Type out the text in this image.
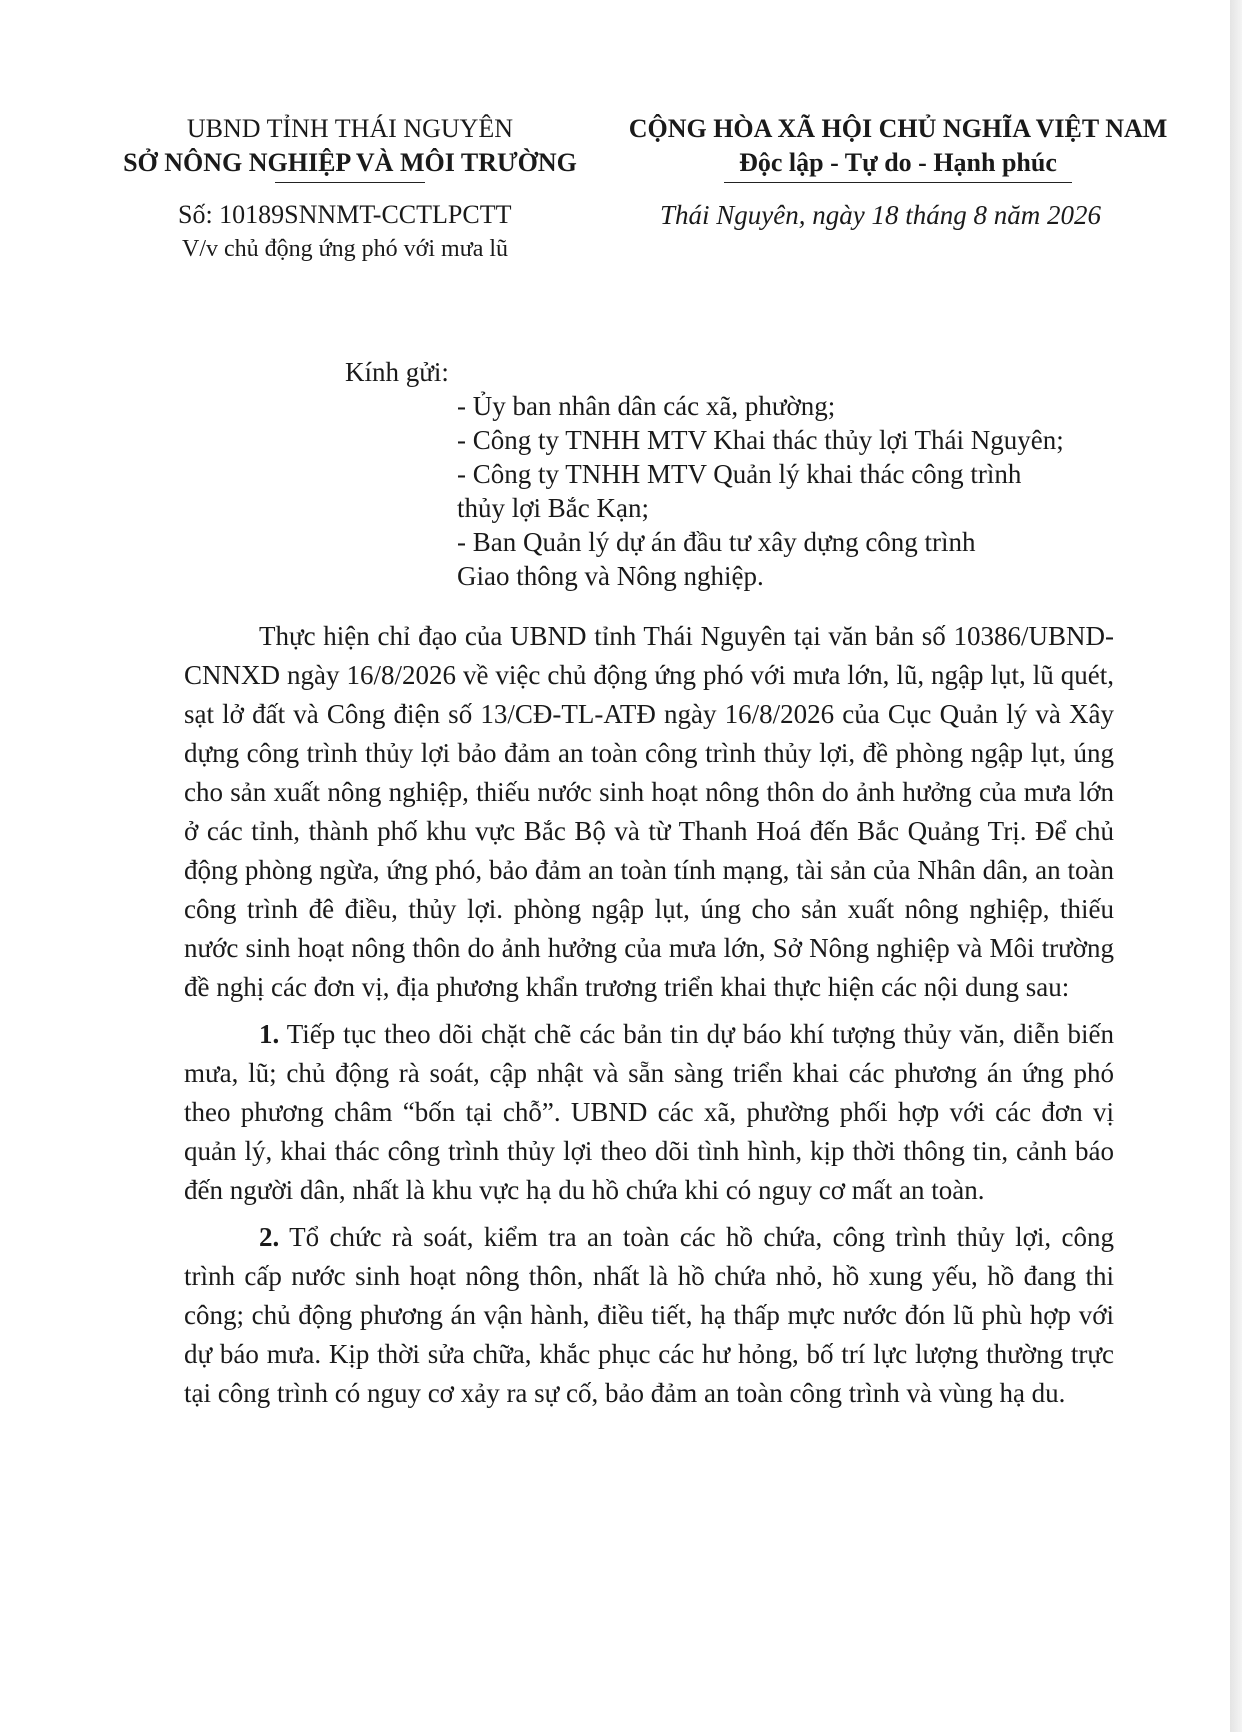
UBND TỈNH THÁI NGUYÊN
SỞ NÔNG NGHIỆP VÀ MÔI TRƯỜNG
CỘNG HÒA XÃ HỘI CHỦ NGHĨA VIỆT NAM
Độc lập - Tự do - Hạnh phúc
Số: 10189SNNMT-CCTLPCTT
V/v chủ động ứng phó với mưa lũ
Thái Nguyên, ngày 18 tháng 8 năm 2026
Kính gửi:
- Ủy ban nhân dân các xã, phường;
- Công ty TNHH MTV Khai thác thủy lợi Thái Nguyên;
- Công ty TNHH MTV Quản lý khai thác công trình
thủy lợi Bắc Kạn;
- Ban Quản lý dự án đầu tư xây dựng công trình
Giao thông và Nông nghiệp.

Thực hiện chỉ đạo của UBND tỉnh Thái Nguyên tại văn bản số 10386/UBND-CNNXD ngày 16/8/2026 về việc chủ động ứng phó với mưa lớn, lũ, ngập lụt, lũ quét, sạt lở đất và Công điện số 13/CĐ-TL-ATĐ ngày 16/8/2026 của Cục Quản lý và Xây dựng công trình thủy lợi bảo đảm an toàn công trình thủy lợi, đề phòng ngập lụt, úng cho sản xuất nông nghiệp, thiếu nước sinh hoạt nông thôn do ảnh hưởng của mưa lớn ở các tỉnh, thành phố khu vực Bắc Bộ và từ Thanh Hoá đến Bắc Quảng Trị. Để chủ động phòng ngừa, ứng phó, bảo đảm an toàn tính mạng, tài sản của Nhân dân, an toàn công trình đê điều, thủy lợi. phòng ngập lụt, úng cho sản xuất nông nghiệp, thiếu nước sinh hoạt nông thôn do ảnh hưởng của mưa lớn, Sở Nông nghiệp và Môi trường đề nghị các đơn vị, địa phương khẩn trương triển khai thực hiện các nội dung sau:

1. Tiếp tục theo dõi chặt chẽ các bản tin dự báo khí tượng thủy văn, diễn biến mưa, lũ; chủ động rà soát, cập nhật và sẵn sàng triển khai các phương án ứng phó theo phương châm “bốn tại chỗ”. UBND các xã, phường phối hợp với các đơn vị quản lý, khai thác công trình thủy lợi theo dõi tình hình, kịp thời thông tin, cảnh báo đến người dân, nhất là khu vực hạ du hồ chứa khi có nguy cơ mất an toàn.

2. Tổ chức rà soát, kiểm tra an toàn các hồ chứa, công trình thủy lợi, công trình cấp nước sinh hoạt nông thôn, nhất là hồ chứa nhỏ, hồ xung yếu, hồ đang thi công; chủ động phương án vận hành, điều tiết, hạ thấp mực nước đón lũ phù hợp với dự báo mưa. Kịp thời sửa chữa, khắc phục các hư hỏng, bố trí lực lượng thường trực tại công trình có nguy cơ xảy ra sự cố, bảo đảm an toàn công trình và vùng hạ du.
